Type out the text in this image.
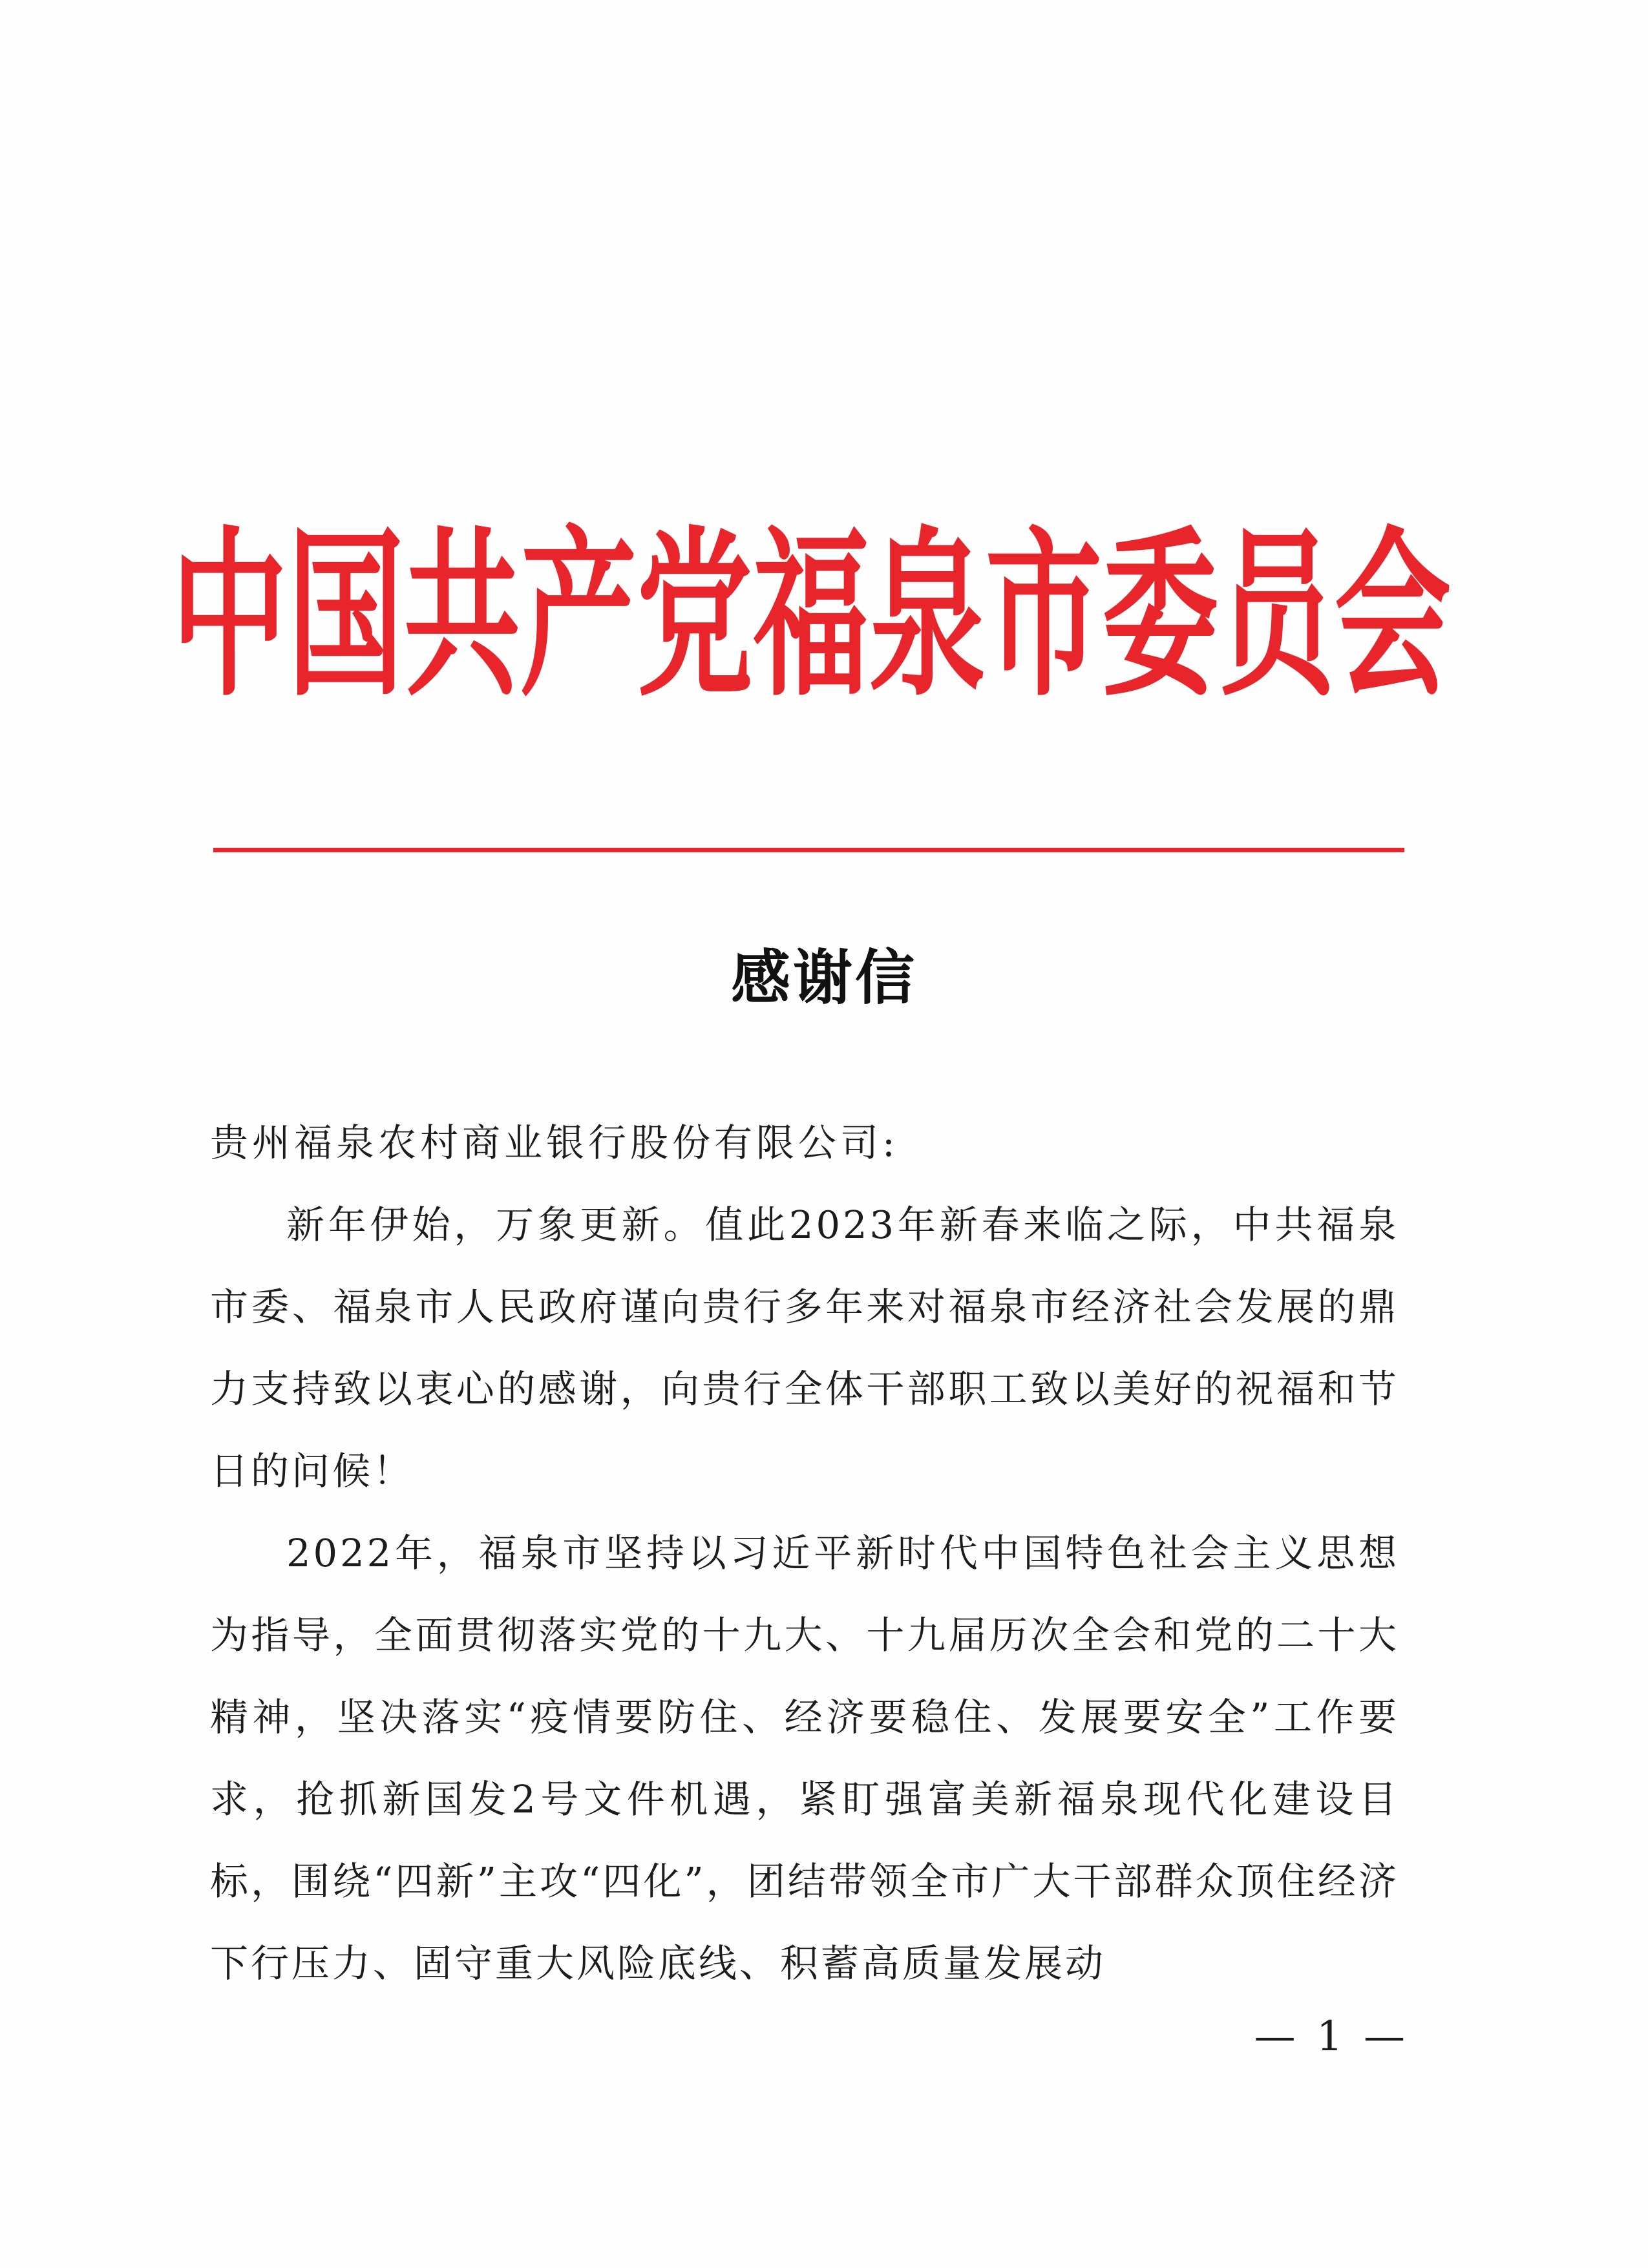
中国共产党福泉市委员会
感谢信

贵州福泉农村商业银行股份有限公司:

新年伊始，万象更新。值此2023年新春来临之际，中共福泉市委、福泉市人民政府谨向贵行多年来对福泉市经济社会发展的鼎力支持致以衷心的感谢，向贵行全体干部职工致以美好的祝福和节日的问候！

2022年，福泉市坚持以习近平新时代中国特色社会主义思想为指导，全面贯彻落实党的十九大、十九届历次全会和党的二十大精神，坚决落实“疫情要防住、经济要稳住、发展要安全”工作要求，抢抓新国发2号文件机遇，紧盯强富美新福泉现代化建设目标，围绕“四新”主攻“四化”，团结带领全市广大干部群众顶住经济下行压力、固守重大风险底线、积蓄高质量发展动

— 1 —
